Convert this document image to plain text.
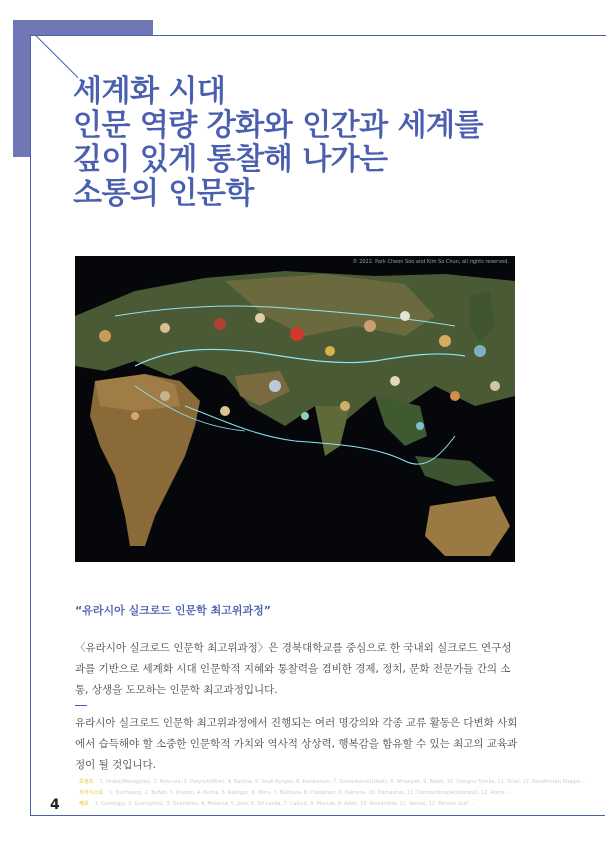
세계화 시대
인문 역량 강화와 인간과 세계를
깊이 있게 통찰해 나가는
소통의 인문학
© 2022. Park Cheon Soo and Kim So Chun, all rights reserved.
초원로 1. Ordos(Monagolia), 2. Noin-ula, 3. Pazyryk(Altai), 4. Bactria, 5. Issyk Kurgan, 6. Karakorum, 7. Samarkand(Uzbek), 8. Afrasiyab, 9. Balkh, 10. Xiongnu Tombs, 11. Xi'an, 12. Kazakhstan Steppe ...
오아시스로 1. Dunhuang, 2. Turfan, 3. Khotan, 4. Kucha, 5. Kashgar, 6. Merv, 7. Bukhara, 8. Ctesiphon, 9. Palmyra, 10. Damascus, 11. Constantinople(Istanbul), 12. Rome ...
해로 1. Gyeongju, 2. Guangzhou, 3. Quanzhou, 4. Malacca, 5. Java, 6. Sri Lanka, 7. Calicut, 8. Muscat, 9. Aden, 10. Alexandria, 11. Venice, 12. Persian Gulf ...

“유라시아 실크로드 인문학 최고위과정”

〈유라시아 실크로드 인문학 최고위과정〉은 경북대학교를 중심으로 한 국내외 실크로드 연구성과를 기반으로 세계화 시대 인문학적 지혜와 통찰력을 겸비한 경제, 정치, 문화 전문가들 간의 소통, 상생을 도모하는 인문학 최고과정입니다.

유라시아 실크로드 인문학 최고위과정에서 진행되는 여러 명강의와 각종 교류 활동은 다변화 사회에서 습득해야 할 소중한 인문학적 가치와 역사적 상상력, 행복감을 함유할 수 있는 최고의 교육과정이 될 것입니다.

4
